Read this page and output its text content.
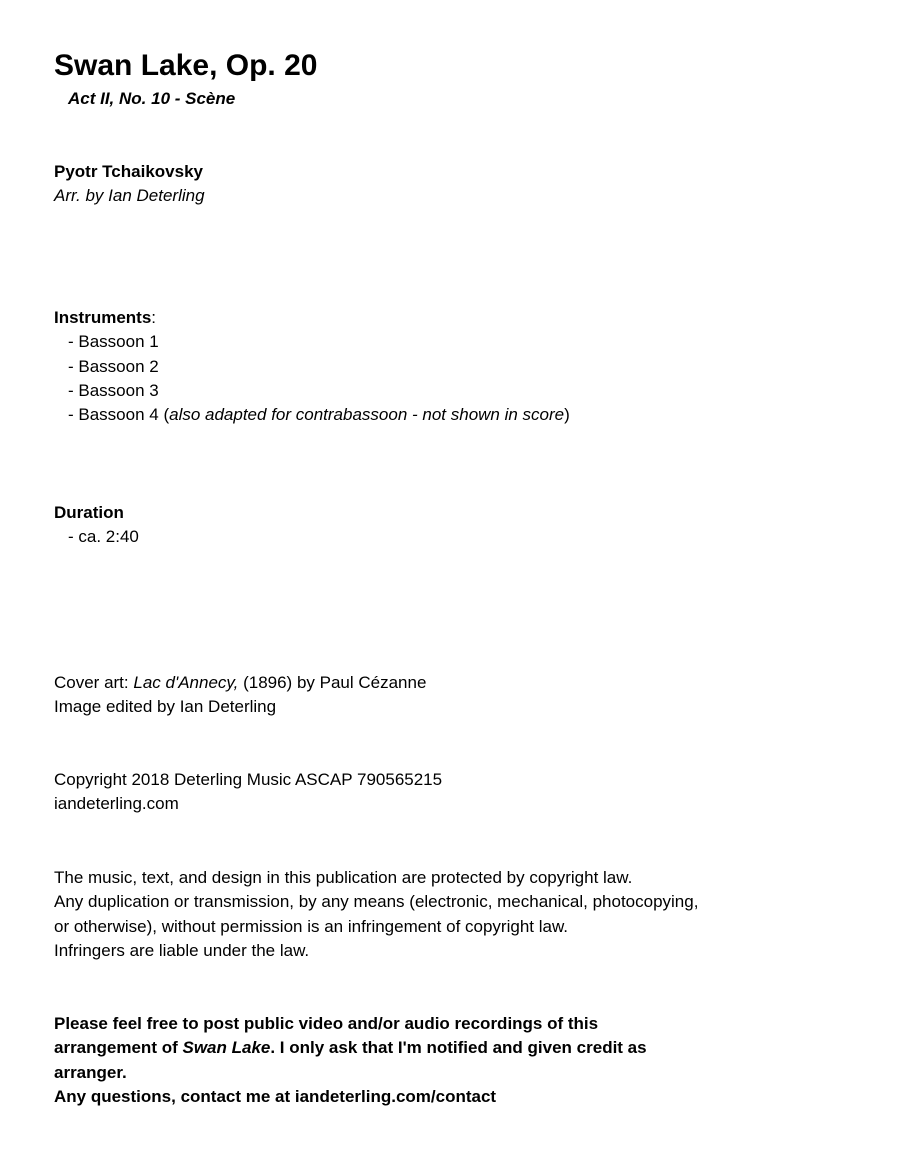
Swan Lake, Op. 20
Act II, No. 10 - Scène
Pyotr Tchaikovsky
Arr. by Ian Deterling
Instruments:
- Bassoon 1
- Bassoon 2
- Bassoon 3
- Bassoon 4 (also adapted for contrabassoon - not shown in score)
Duration
- ca. 2:40
Cover art: Lac d'Annecy, (1896) by Paul Cézanne
Image edited by Ian Deterling
Copyright 2018 Deterling Music ASCAP 790565215
iandeterling.com
The music, text, and design in this publication are protected by copyright law.
Any duplication or transmission, by any means (electronic, mechanical, photocopying,
or otherwise), without permission is an infringement of copyright law.
Infringers are liable under the law.
Please feel free to post public video and/or audio recordings of this
arrangement of Swan Lake. I only ask that I'm notified and given credit as
arranger.
Any questions, contact me at iandeterling.com/contact
